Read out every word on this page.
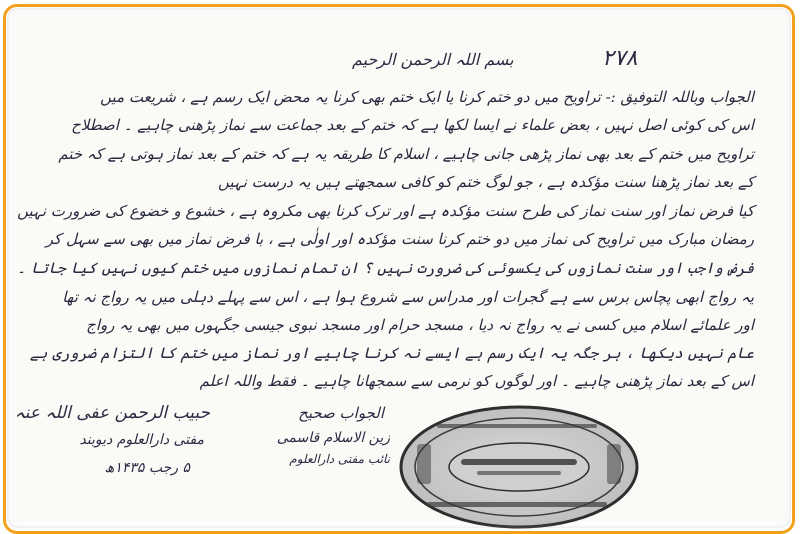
٢٧٨
بسم اللہ الرحمن الرحیم
الجواب وباللہ التوفیق :- تراویح میں دو ختم کرنا یا ایک ختم بھی کرنا یہ محض ایک رسم ہے ، شریعت میں
اس کی کوئی اصل نہیں ، بعض علماء نے ایسا لکھا ہے کہ ختم کے بعد جماعت سے نماز پڑھنی چاہیے ۔ اصطلاح
تراویح میں ختم کے بعد بھی نماز پڑھی جانی چاہیے ، اسلام کا طریقہ یہ ہے کہ ختم کے بعد نماز ہوتی ہے کہ ختم
کے بعد نماز پڑھنا سنت مؤکدہ ہے ، جو لوگ ختم کو کافی سمجھتے ہیں یہ درست نہیں
کیا فرض نماز اور سنت نماز کی طرح سنت مؤکدہ ہے اور ترک کرنا بھی مکروہ ہے ، خشوع و خضوع کی ضرورت نہیں
رمضان مبارک میں تراویح کی نماز میں دو ختم کرنا سنت مؤکدہ اور اولٰی ہے ، با فرض نماز میں بھی سے سہل کر
فرض واجب اور سنت نمازوں کی یکسوئی کی ضرورت نہیں ؟ ان تمام نمازوں میں ختم کیوں نہیں کیا جاتا ۔
یہ رواج ابھی پچاس برس سے ہے گجرات اور مدراس سے شروع ہوا ہے ، اس سے پہلے دہلی میں یہ رواج نہ تھا
اور علمائے اسلام میں کسی نے یہ رواج نہ دیا ، مسجد حرام اور مسجد نبوی جیسی جگہوں میں بھی یہ رواج
عام نہیں دیکھا ، ہر جگہ یہ ایک رسم ہے ایسے نہ کرنا چاہیے اور نماز میں ختم کا التزام ضروری ہے
اس کے بعد نماز پڑھنی چاہیے ۔ اور لوگوں کو نرمی سے سمجھانا چاہیے ۔ فقط واللہ اعلم
حبیب الرحمن عفی اللہ عنہ
مفتی دارالعلوم دیوبند
۵ رجب ۱۴۳۵ھ
الجواب صحیح
زین الاسلام قاسمی
نائب مفتی دارالعلوم
